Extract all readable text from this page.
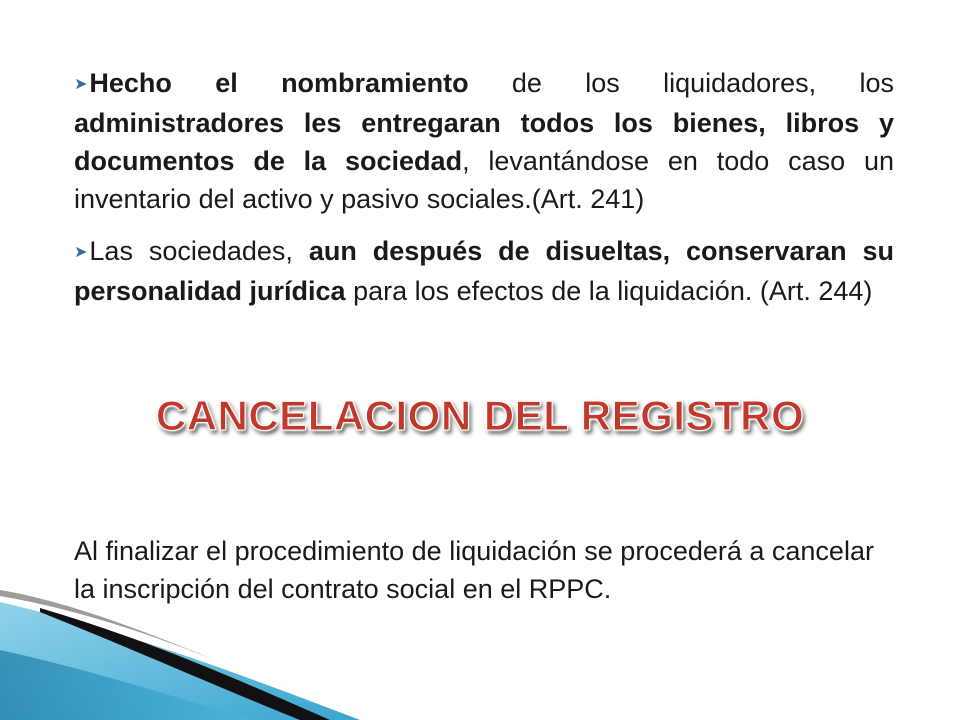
➤Hecho el nombramiento de los liquidadores, los administradores les entregaran todos los bienes, libros y documentos de la sociedad, levantándose en todo caso un inventario del activo y pasivo sociales.(Art. 241)

➤Las sociedades, aun después de disueltas, conservaran su personalidad jurídica para los efectos de la liquidación. (Art. 244)

CANCELACION DEL REGISTRO

Al finalizar el procedimiento de liquidación se procederá a cancelar la inscripción del contrato social en el RPPC.
